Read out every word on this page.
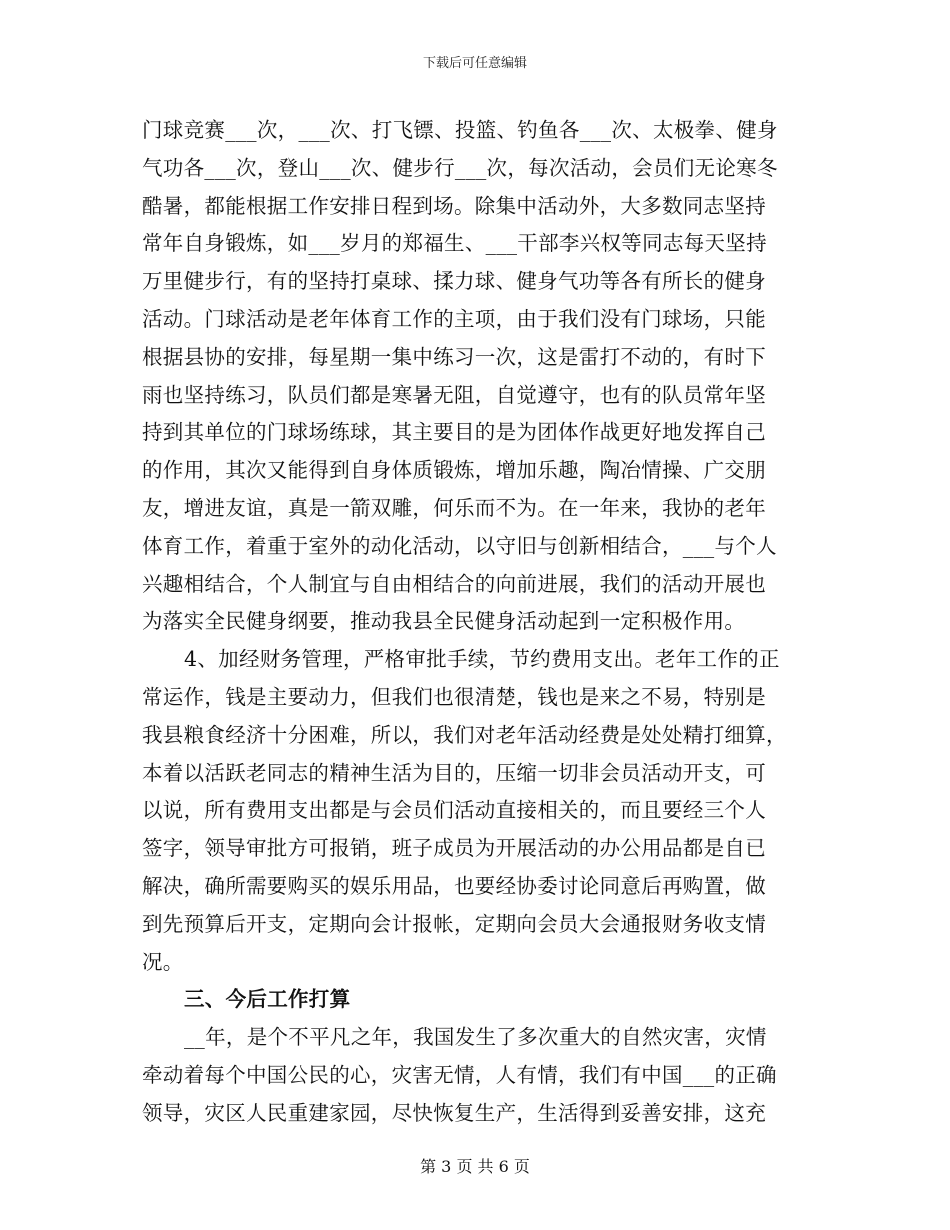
下载后可任意编辑
门球竞赛___次，___次、打飞镖、投篮、钓鱼各___次、太极拳、健身
气功各___次，登山___次、健步行___次，每次活动，会员们无论寒冬
酷暑，都能根据工作安排日程到场。除集中活动外，大多数同志坚持
常年自身锻炼，如___岁月的郑福生、___干部李兴权等同志每天坚持
万里健步行，有的坚持打桌球、揉力球、健身气功等各有所长的健身
活动。门球活动是老年体育工作的主项，由于我们没有门球场，只能
根据县协的安排，每星期一集中练习一次，这是雷打不动的，有时下
雨也坚持练习，队员们都是寒暑无阻，自觉遵守，也有的队员常年坚
持到其单位的门球场练球，其主要目的是为团体作战更好地发挥自己
的作用，其次又能得到自身体质锻炼，增加乐趣，陶冶情操、广交朋
友，增进友谊，真是一箭双雕，何乐而不为。在一年来，我协的老年
体育工作，着重于室外的动化活动，以守旧与创新相结合，___与个人
兴趣相结合，个人制宜与自由相结合的向前进展，我们的活动开展也
为落实全民健身纲要，推动我县全民健身活动起到一定积极作用。
4、加经财务管理，严格审批手续，节约费用支出。老年工作的正
常运作，钱是主要动力，但我们也很清楚，钱也是来之不易，特别是
我县粮食经济十分困难，所以，我们对老年活动经费是处处精打细算，
本着以活跃老同志的精神生活为目的，压缩一切非会员活动开支，可
以说，所有费用支出都是与会员们活动直接相关的，而且要经三个人
签字，领导审批方可报销，班子成员为开展活动的办公用品都是自已
解决，确所需要购买的娱乐用品，也要经协委讨论同意后再购置，做
到先预算后开支，定期向会计报帐，定期向会员大会通报财务收支情
况。
三、今后工作打算
__年，是个不平凡之年，我国发生了多次重大的自然灾害，灾情
牵动着每个中国公民的心，灾害无情，人有情，我们有中国___的正确
领导，灾区人民重建家园，尽快恢复生产，生活得到妥善安排，这充
第 3 页 共 6 页
